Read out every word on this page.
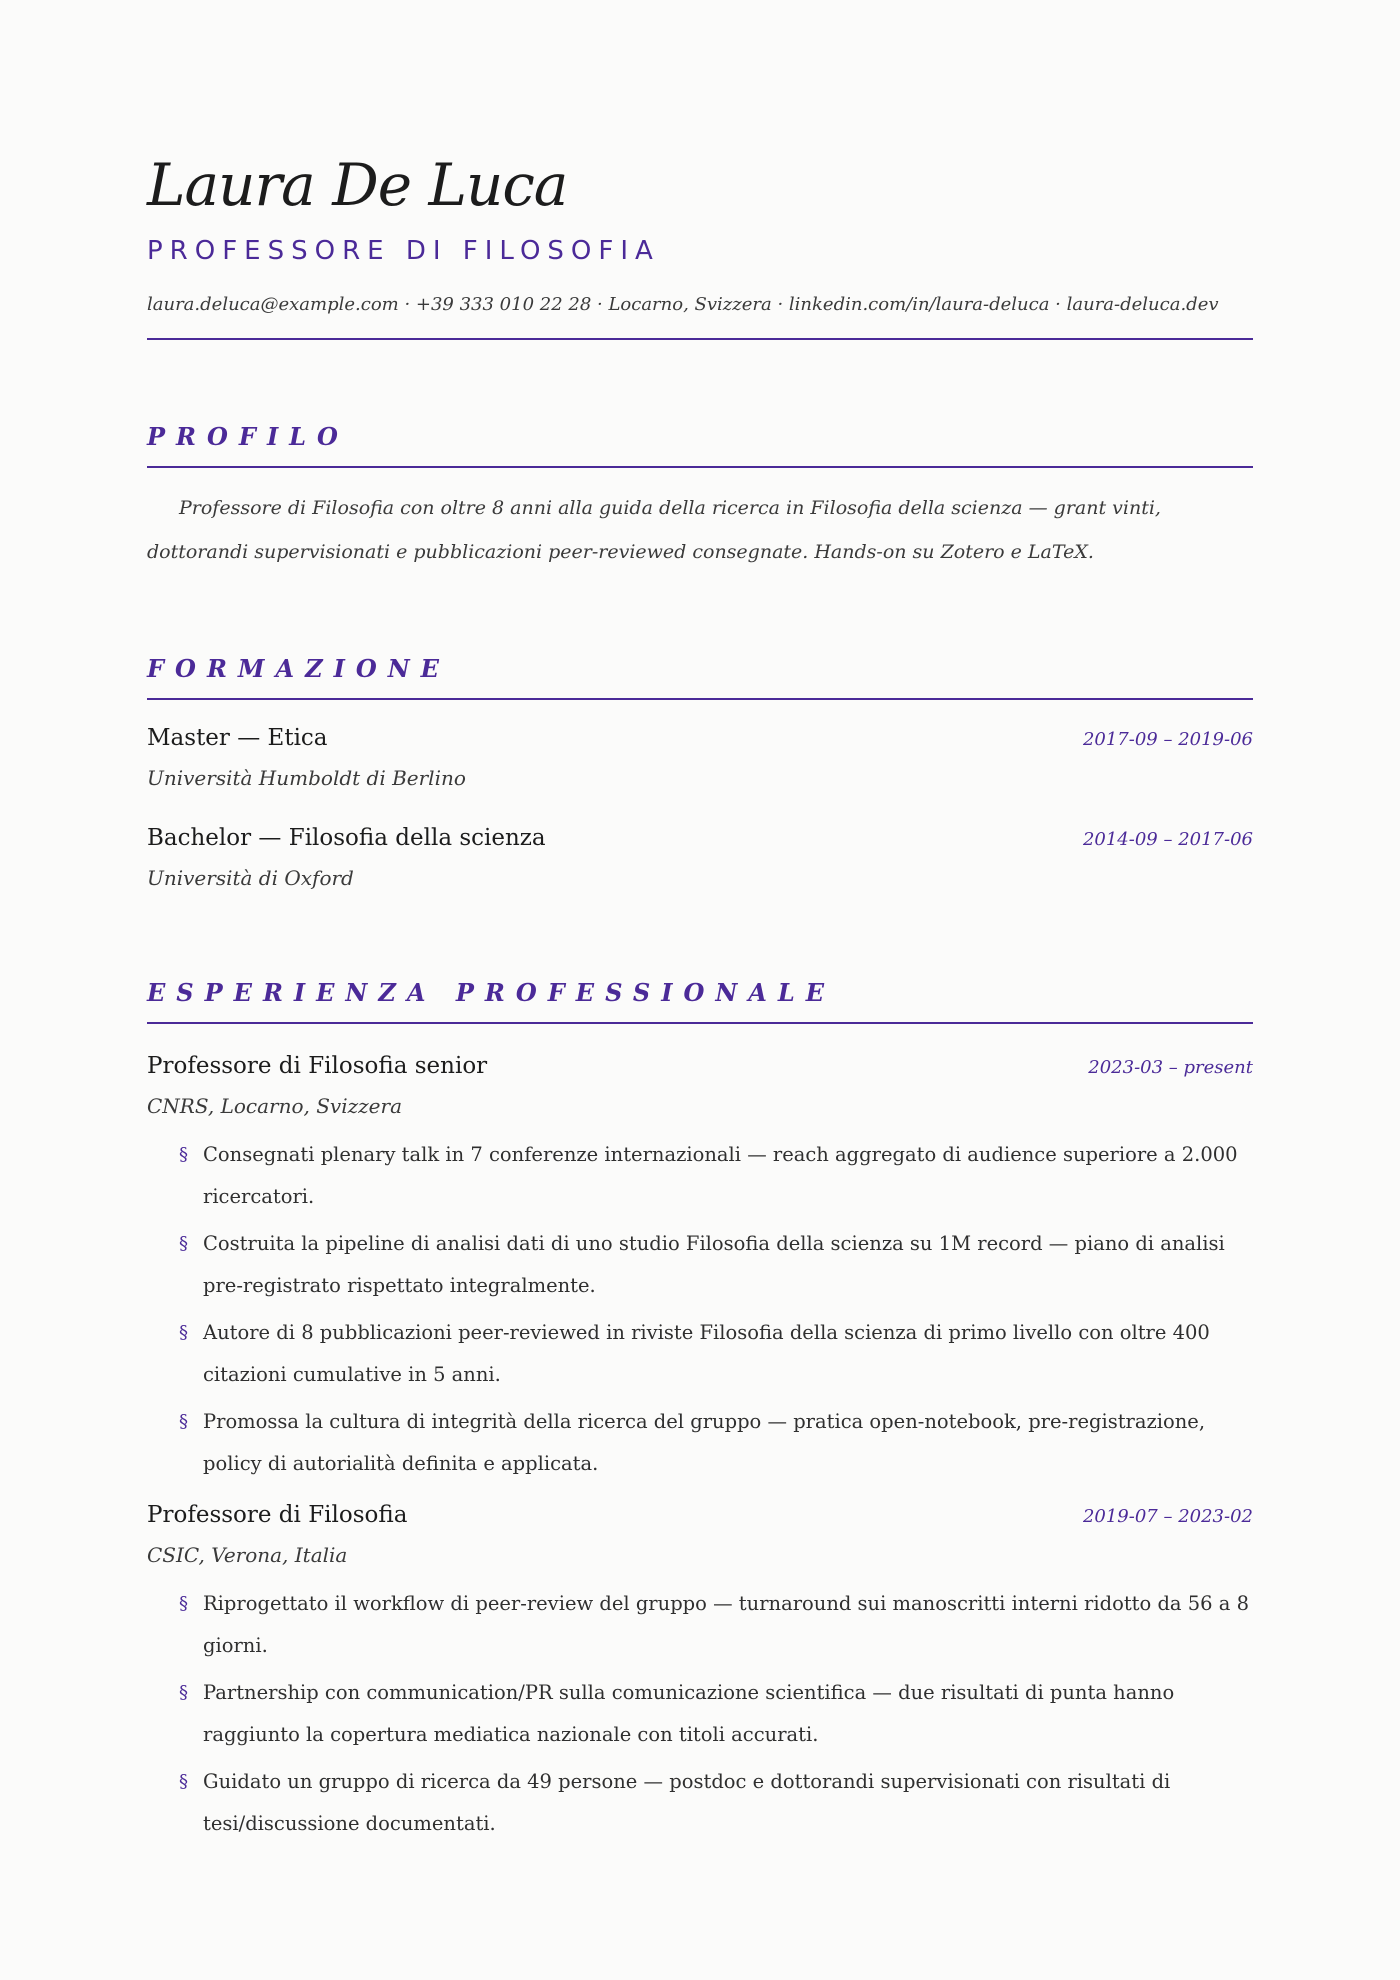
Laura De Luca
PROFESSORE DI FILOSOFIA
laura.deluca@example.com · +39 333 010 22 28 · Locarno, Svizzera · linkedin.com/in/laura-deluca · laura-deluca.dev
PROFILO

Professore di Filosofia con oltre 8 anni alla guida della ricerca in Filosofia della scienza — grant vinti, dottorandi supervisionati e pubblicazioni peer-reviewed consegnate. Hands-on su Zotero e LaTeX.

FORMAZIONE
Master — Etica	2017-09 – 2019-06
Università Humboldt di Berlino
Bachelor — Filosofia della scienza	2014-09 – 2017-06
Università di Oxford
ESPERIENZA PROFESSIONALE
Professore di Filosofia senior	2023-03 – present
CNRS, Locarno, Svizzera
§ Consegnati plenary talk in 7 conferenze internazionali — reach aggregato di audience superiore a 2.000 ricercatori.
§ Costruita la pipeline di analisi dati di uno studio Filosofia della scienza su 1M record — piano di analisi pre-registrato rispettato integralmente.
§ Autore di 8 pubblicazioni peer-reviewed in riviste Filosofia della scienza di primo livello con oltre 400 citazioni cumulative in 5 anni.
§ Promossa la cultura di integrità della ricerca del gruppo — pratica open-notebook, pre-registrazione, policy di autorialità definita e applicata.
Professore di Filosofia	2019-07 – 2023-02
CSIC, Verona, Italia
§ Riprogettato il workflow di peer-review del gruppo — turnaround sui manoscritti interni ridotto da 56 a 8 giorni.
§ Partnership con communication/PR sulla comunicazione scientifica — due risultati di punta hanno raggiunto la copertura mediatica nazionale con titoli accurati.
§ Guidato un gruppo di ricerca da 49 persone — postdoc e dottorandi supervisionati con risultati di tesi/discussione documentati.
